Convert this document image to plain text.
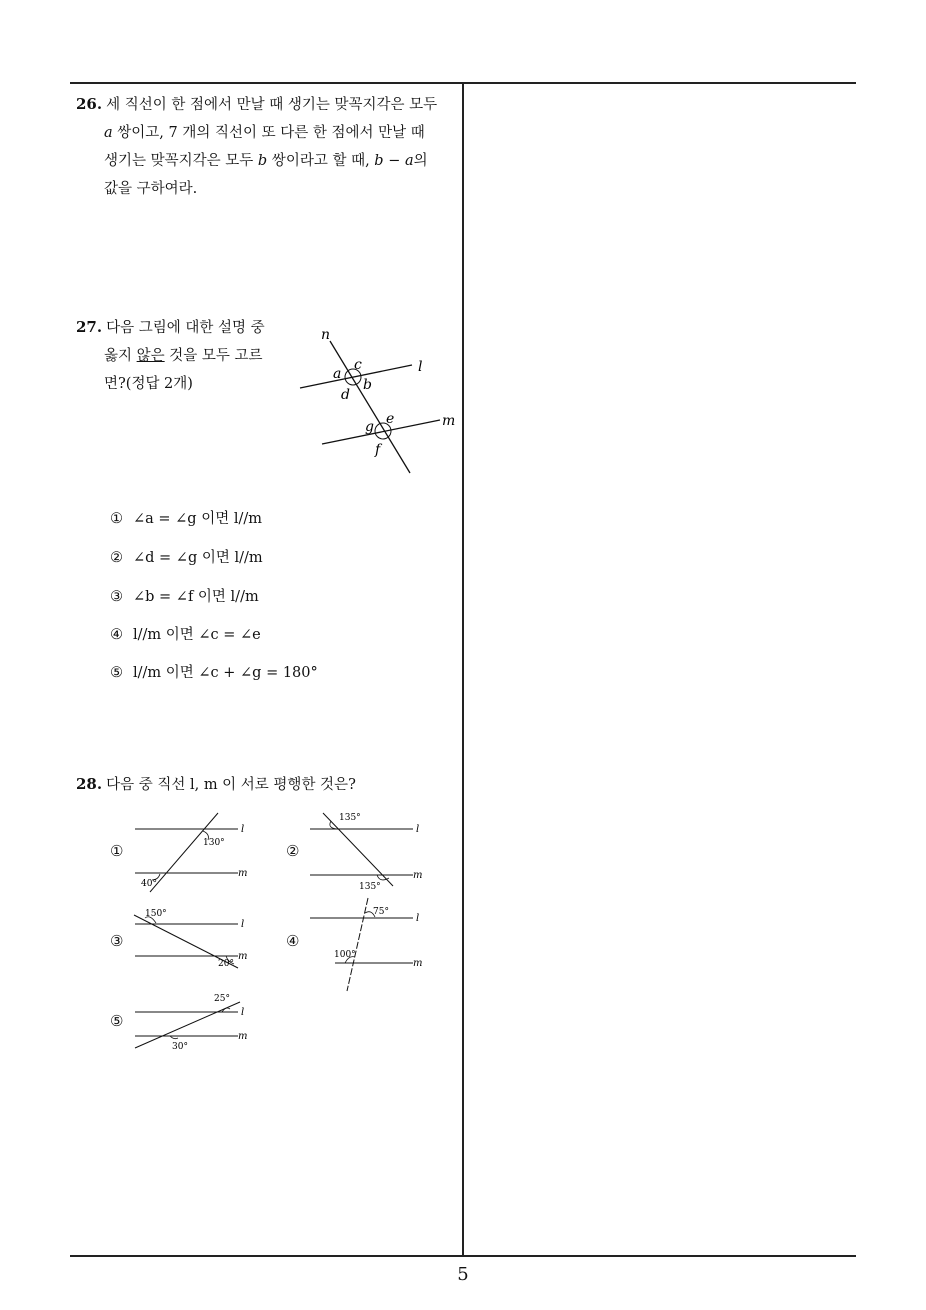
26. 세 직선이 한 점에서 만날 때 생기는 맞꼭지각은 모두
a 쌍이고, 7 개의 직선이 또 다른 한 점에서 만날 때
생기는 맞꼭지각은 모두 b 쌍이라고 할 때, b − a의
값을 구하여라.
27. 다음 그림에 대한 설명 중
옳지 않은 것을 모두 고르
면?(정답 2개)
n
l
m
a
c
b
d
e
g
f
① ∠a = ∠g 이면 l//m
② ∠d = ∠g 이면 l//m
③ ∠b = ∠f 이면 l//m
④ l//m 이면 ∠c = ∠e
⑤ l//m 이면 ∠c + ∠g = 180°
28. 다음 중 직선 l, m 이 서로 평행한 것은?
①	130°
40°
l
m
②
135°
135°
l
m
③
150°
20°
l
m
④
75°
100°
l
m
⑤
25°
30°
l
m
5
